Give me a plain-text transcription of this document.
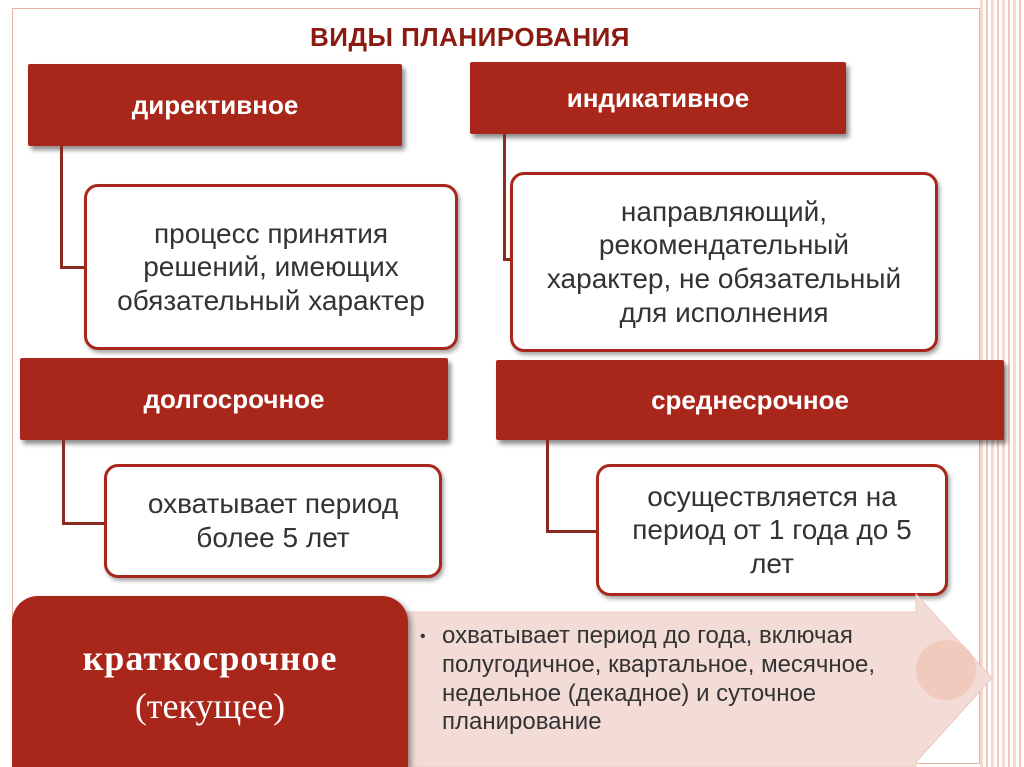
ВИДЫ ПЛАНИРОВАНИЯ
директивное
процесс принятия решений, имеющих обязательный характер
индикативное
направляющий, рекомендательный характер, не обязательный для исполнения
долгосрочное
охватывает период более 5 лет
среднесрочное
осуществляется на период от 1 года до 5 лет
краткосрочное
(текущее)
• охватывает период до года, включая полугодичное, квартальное, месячное, недельное (декадное) и суточное планирование
